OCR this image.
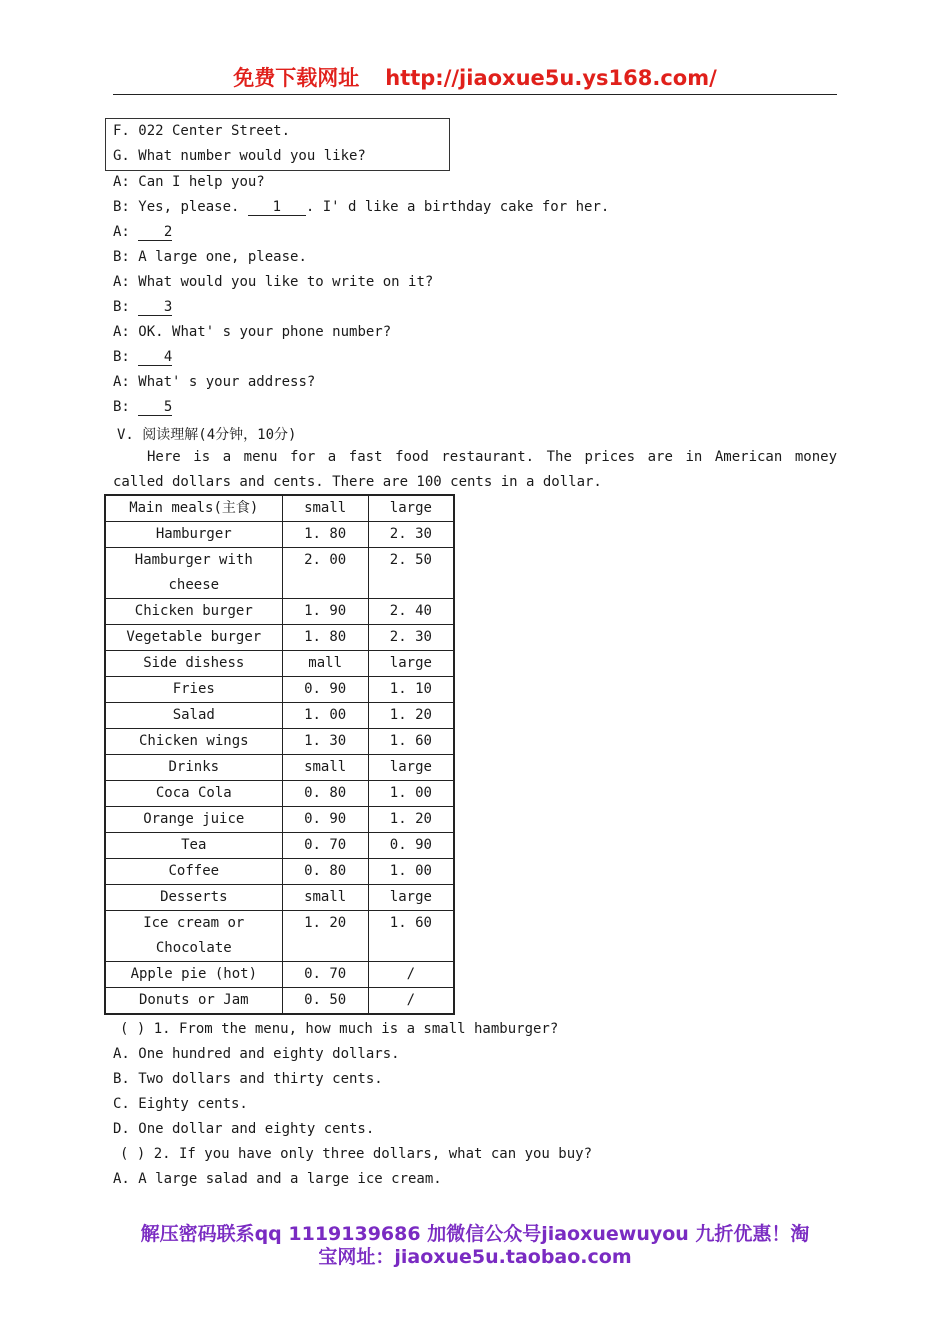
免费下载网址 http://jiaoxue5u.ys168.com/
F. 022 Center Street.
G. What number would you like?
A: Can I help you?
B: Yes, please. 1 . I' d like a birthday cake for her.
A: 2
B: A large one, please.
A: What would you like to write on it?
B: 3
A: OK. What' s your phone number?
B: 4
A: What' s your address?
B: 5
V. 阅读理解(4分钟，10分)
Here is a menu for a fast food restaurant. The prices are in American money called dollars and cents. There are 100 cents in a dollar.
Main meals(主食)	small	large
Hamburger	1. 80	2. 30
Hamburger with cheese	2. 00	2. 50
Chicken burger	1. 90	2. 40
Vegetable burger	1. 80	2. 30
Side dishess	mall	large
Fries	0. 90	1. 10
Salad	1. 00	1. 20
Chicken wings	1. 30	1. 60
Drinks	small	large
Coca Cola	0. 80	1. 00
Orange juice	0. 90	1. 20
Tea	0. 70	0. 90
Coffee	0. 80	1. 00
Desserts	small	large
Ice cream or Chocolate	1. 20	1. 60
Apple pie (hot)	0. 70	/
Donuts or Jam	0. 50	/
( ) 1. From the menu, how much is a small hamburger?
A. One hundred and eighty dollars.
B. Two dollars and thirty cents.
C. Eighty cents.
D. One dollar and eighty cents.
( ) 2. If you have only three dollars, what can you buy?
A. A large salad and a large ice cream.
解压密码联系qq 1119139686 加微信公众号jiaoxuewuyou 九折优惠！淘
宝网址：jiaoxue5u.taobao.com
